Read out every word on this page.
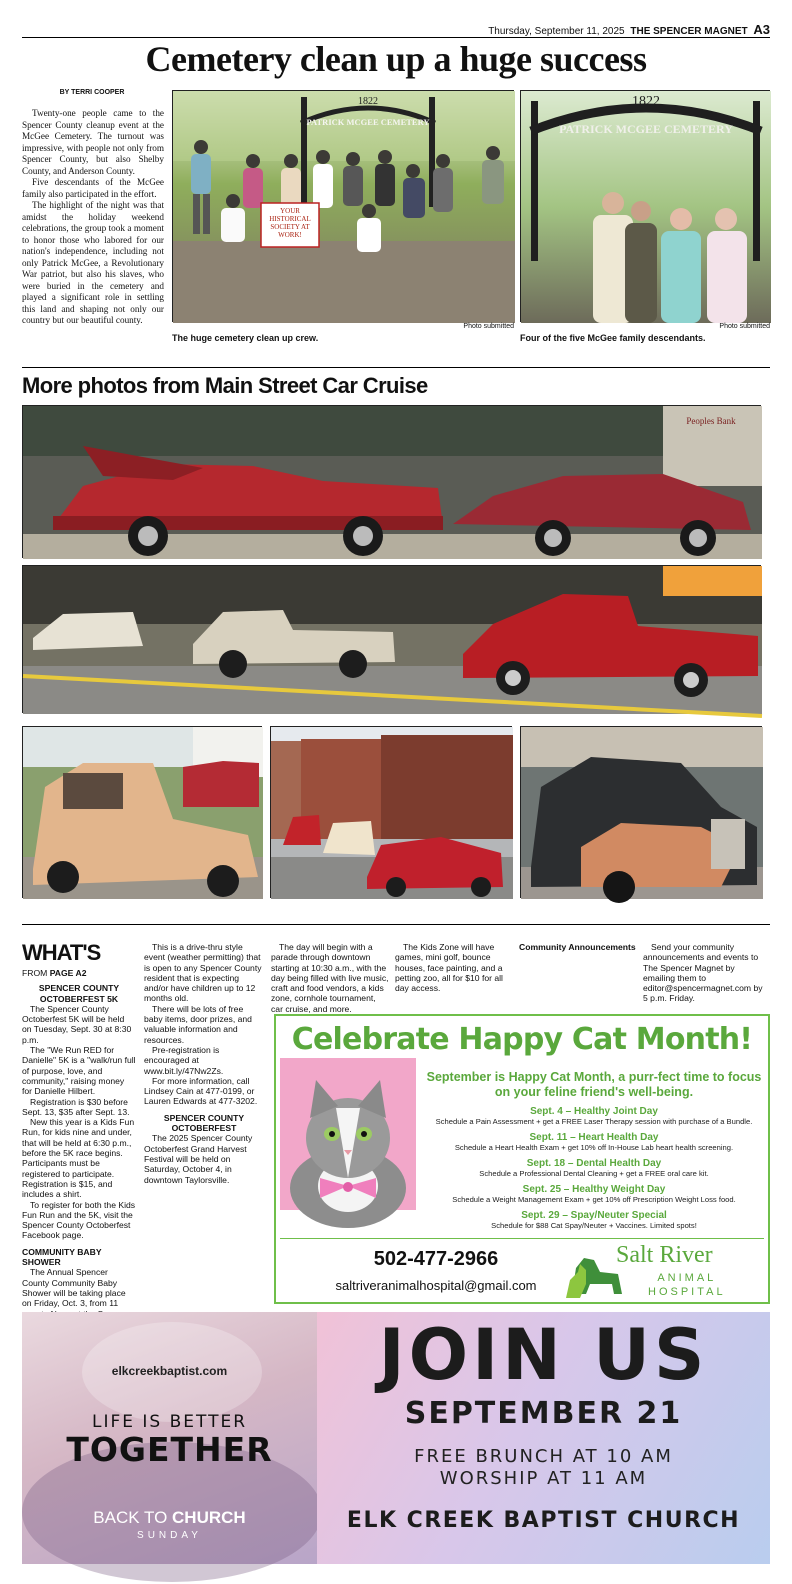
Thursday, September 11, 2025 THE SPENCER MAGNET A3
Cemetery clean up a huge success
BY TERRI COOPER

Twenty-one people came to the Spencer County cleanup event at the McGee Cemetery. The turnout was impressive, with people not only from Spencer County, but also Shelby County, and Anderson County.

Five descendants of the McGee family also participated in the effort.

The highlight of the night was that amidst the holiday weekend celebrations, the group took a moment to honor those who labored for our nation's independence, including not only Patrick McGee, a Revolutionary War patriot, but also his slaves, who were buried in the cemetery and played a significant role in settling this land and shaping not only our country but our beautiful county.

1822
PATRICK MCGEE CEMETERY
YOUR HISTORICAL SOCIETY AT WORK!
Photo submitted
The huge cemetery clean up crew.
1822
PATRICK MCGEE CEMETERY
Photo submitted
Four of the five McGee family descendants.
More photos from Main Street Car Cruise
Peoples Bank
WHAT'S

FROM PAGE A2

SPENCER COUNTY OCTOBERFEST 5K

The Spencer County Octoberfest 5K will be held on Tuesday, Sept. 30 at 8:30 p.m.

The "We Run RED for Danielle" 5K is a "walk/run full of purpose, love, and community," raising money for Danielle Hilbert.

Registration is $30 before Sept. 13, $35 after Sept. 13.

New this year is a Kids Fun Run, for kids nine and under, that will be held at 6:30 p.m., before the 5K race begins. Participants must be registered to participate. Registration is $15, and includes a shirt.

To register for both the Kids Fun Run and the 5K, visit the Spencer County Octoberfest Facebook page.

COMMUNITY BABY SHOWER

The Annual Spencer County Community Baby Shower will be taking place on Friday, Oct. 3, from 11

This is a drive-thru style event (weather permitting) that is open to any Spencer County resident that is expecting and/or have children up to 12 months old.

There will be lots of free baby items, door prizes, and valuable information and resources.

Pre-registration is encouraged at www.bit.ly/47Nw2Zs.

For more information, call Lindsey Cain at 477-0199, or Lauren Edwards at 477-3202.

SPENCER COUNTY OCTOBERFEST

The 2025 Spencer County Octoberfest Grand Harvest Festival will be held on Saturday, October 4, in downtown Taylorsville.

The day will begin with a parade through downtown starting at 10:30 a.m., with the day being filled with live music, craft and food vendors, a kids zone, cornhole tournament, car cruise, and more.

The Kids Zone will have games, mini golf, bounce houses, face painting, and a petting zoo, all for $10 for all day access.

Community Announcements	Send your community announcements and events to The Spencer Magnet by emailing them to editor@spencermagnet.com by 5 p.m. Friday.

Celebrate Happy Cat Month!
September is Happy Cat Month, a purr-fect time to focus on your feline friend's well-being.
Sept. 4 – Healthy Joint Day
Schedule a Pain Assessment + get a FREE Laser Therapy session with purchase of a Bundle.
Sept. 11 – Heart Health Day
Schedule a Heart Health Exam + get 10% off In-House Lab heart health screening.
Sept. 18 – Dental Health Day
Schedule a Professional Dental Cleaning + get a FREE oral care kit.
Sept. 25 – Healthy Weight Day
Schedule a Weight Management Exam + get 10% off Prescription Weight Loss food.
Sept. 29 – Spay/Neuter Special
Schedule for $88 Cat Spay/Neuter + Vaccines. Limited spots!
502-477-2966
saltriveranimalhospital@gmail.com
Salt River
ANIMAL
HOSPITAL
elkcreekbaptist.com
LIFE IS BETTER
TOGETHER
BACK TO CHURCH
SUNDAY
JOIN US
SEPTEMBER 21
FREE BRUNCH AT 10 AM
WORSHIP AT 11 AM
ELK CREEK BAPTIST CHURCH
